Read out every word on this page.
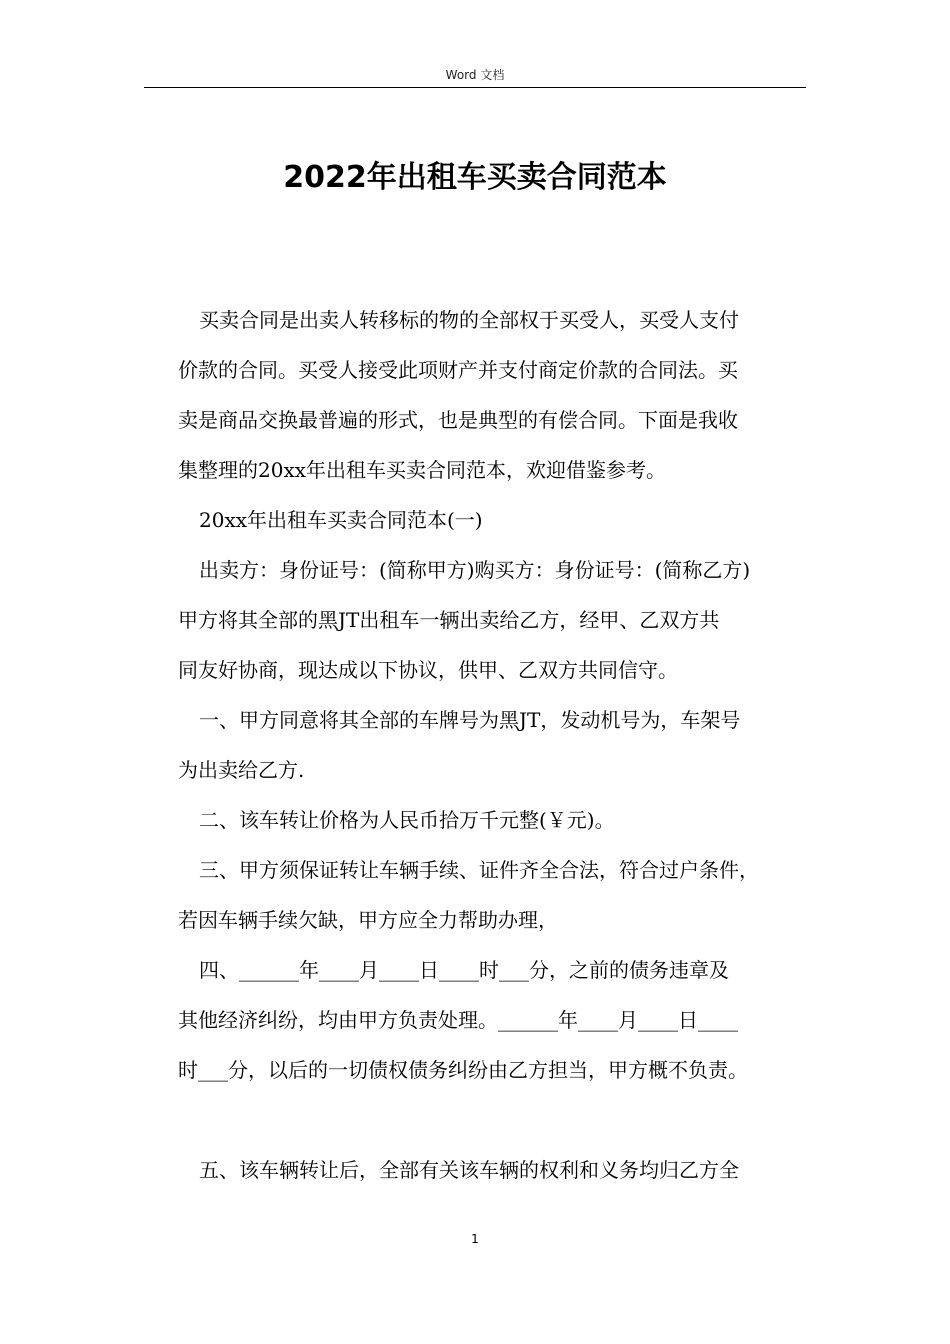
Word 文档
2022年出租车买卖合同范本
买卖合同是出卖人转移标的物的全部权于买受人，买受人支付
价款的合同。买受人接受此项财产并支付商定价款的合同法。买
卖是商品交换最普遍的形式，也是典型的有偿合同。下面是我收
集整理的20xx年出租车买卖合同范本，欢迎借鉴参考。
20xx年出租车买卖合同范本(一)
出卖方：身份证号：(简称甲方)购买方：身份证号：(简称乙方)
甲方将其全部的黑JT出租车一辆出卖给乙方，经甲、乙双方共
同友好协商，现达成以下协议，供甲、乙双方共同信守。
一、甲方同意将其全部的车牌号为黑JT，发动机号为，车架号
为出卖给乙方.
二、该车转让价格为人民币拾万千元整(￥元)。
三、甲方须保证转让车辆手续、证件齐全合法，符合过户条件，
若因车辆手续欠缺，甲方应全力帮助办理，
四、______年____月____日____时___分，之前的债务违章及
其他经济纠纷，均由甲方负责处理。______年____月____日____
时___分，以后的一切债权债务纠纷由乙方担当，甲方概不负责。
五、该车辆转让后，全部有关该车辆的权利和义务均归乙方全
1
